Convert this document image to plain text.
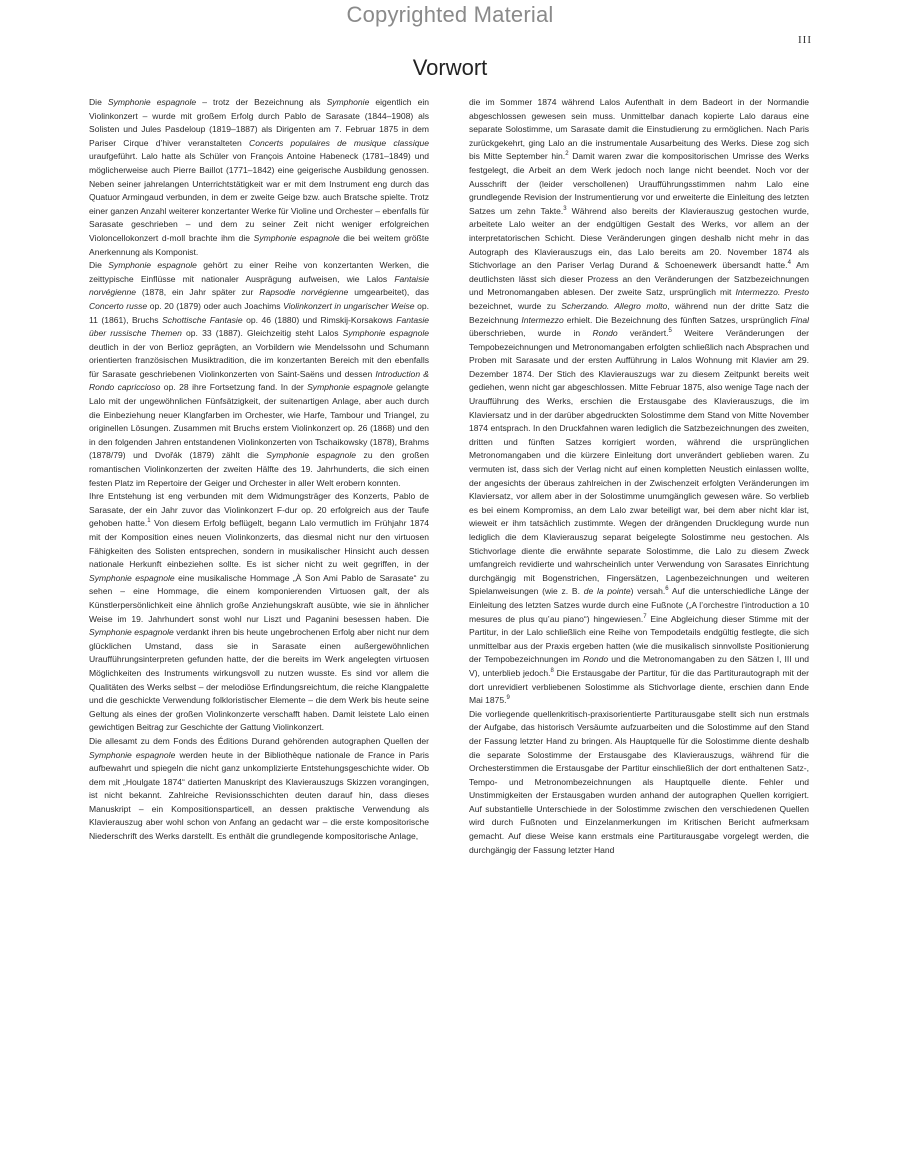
Copyrighted Material
III
Vorwort

Die Symphonie espagnole – trotz der Bezeichnung als Symphonie eigentlich ein Violinkonzert – wurde mit großem Erfolg durch Pablo de Sarasate (1844–1908) als Solisten und Jules Pasdeloup (1819–1887) als Dirigenten am 7. Februar 1875 in dem Pariser Cirque d’hiver veranstalteten Concerts populaires de musique classique uraufgeführt. Lalo hatte als Schüler von François Antoine Habeneck (1781–1849) und möglicherweise auch Pierre Baillot (1771–1842) eine geigerische Ausbildung genossen. Neben seiner jahrelangen Unterrichtstätigkeit war er mit dem Instrument eng durch das Quatuor Armingaud verbunden, in dem er zweite Geige bzw. auch Bratsche spielte. Trotz einer ganzen Anzahl weiterer konzertanter Werke für Violine und Orchester – ebenfalls für Sarasate geschrieben – und dem zu seiner Zeit nicht weniger erfolgreichen Violoncellokonzert d-moll brachte ihm die Symphonie espagnole die bei weitem größte Anerkennung als Komponist.

Die Symphonie espagnole gehört zu einer Reihe von konzertanten Werken, die zeittypische Einflüsse mit nationaler Ausprägung aufweisen, wie Lalos Fantaisie norvégienne (1878, ein Jahr später zur Rapsodie norvégienne umgearbeitet), das Concerto russe op. 20 (1879) oder auch Joachims Violinkonzert in ungarischer Weise op. 11 (1861), Bruchs Schottische Fantasie op. 46 (1880) und Rimskij-Korsakows Fantasie über russische Themen op. 33 (1887). Gleichzeitig steht Lalos Symphonie espagnole deutlich in der von Berlioz geprägten, an Vorbildern wie Mendelssohn und Schumann orientierten französischen Musiktradition, die im konzertanten Bereich mit den ebenfalls für Sarasate geschriebenen Violinkonzerten von Saint-Saëns und dessen Introduction & Rondo capriccioso op. 28 ihre Fortsetzung fand. In der Symphonie espagnole gelangte Lalo mit der ungewöhnlichen Fünfsätzigkeit, der suitenartigen Anlage, aber auch durch die Einbeziehung neuer Klangfarben im Orchester, wie Harfe, Tambour und Triangel, zu originellen Lösungen. Zusammen mit Bruchs erstem Violinkonzert op. 26 (1868) und den in den folgenden Jahren entstandenen Violinkonzerten von Tschaikowsky (1878), Brahms (1878/79) und Dvořák (1879) zählt die Symphonie espagnole zu den großen romantischen Violinkonzerten der zweiten Hälfte des 19. Jahrhunderts, die sich einen festen Platz im Repertoire der Geiger und Orchester in aller Welt erobern konnten.

Ihre Entstehung ist eng verbunden mit dem Widmungsträger des Konzerts, Pablo de Sarasate, der ein Jahr zuvor das Violinkonzert F-dur op. 20 erfolgreich aus der Taufe gehoben hatte.$^1$ Von diesem Erfolg beflügelt, begann Lalo vermutlich im Frühjahr 1874 mit der Komposition eines neuen Violinkonzerts, das diesmal nicht nur den virtuosen Fähigkeiten des Solisten entsprechen, sondern in musikalischer Hinsicht auch dessen nationale Herkunft einbeziehen sollte. Es ist sicher nicht zu weit gegriffen, in der Symphonie espagnole eine musikalische Hommage „À Son Ami Pablo de Sarasate“ zu sehen – eine Hommage, die einem komponierenden Virtuosen galt, der als Künstlerpersönlichkeit eine ähnlich große Anziehungskraft ausübte, wie sie in ähnlicher Weise im 19. Jahrhundert sonst wohl nur Liszt und Paganini besessen haben. Die Symphonie espagnole verdankt ihren bis heute ungebrochenen Erfolg aber nicht nur dem glücklichen Umstand, dass sie in Sarasate einen außergewöhnlichen Uraufführungsinterpreten gefunden hatte, der die bereits im Werk angelegten virtuosen Möglichkeiten des Instruments wirkungsvoll zu nutzen wusste. Es sind vor allem die Qualitäten des Werks selbst – der melodiöse Erfindungsreichtum, die reiche Klangpalette und die geschickte Verwendung folkloristischer Elemente – die dem Werk bis heute seine Geltung als eines der großen Violinkonzerte verschafft haben. Damit leistete Lalo einen gewichtigen Beitrag zur Geschichte der Gattung Violinkonzert.

Die allesamt zu dem Fonds des Éditions Durand gehörenden autographen Quellen der Symphonie espagnole werden heute in der Bibliothèque nationale de France in Paris aufbewahrt und spiegeln die nicht ganz unkomplizierte Entstehungsgeschichte wider. Ob dem mit „Houlgate 1874“ datierten Manuskript des Klavierauszugs Skizzen vorangingen, ist nicht bekannt. Zahlreiche Revisionsschichten deuten darauf hin, dass dieses Manuskript – ein Kompositionsparticell, an dessen praktische Verwendung als Klavierauszug aber wohl schon von Anfang an gedacht war – die erste kompositorische Niederschrift des Werks darstellt. Es enthält die grundlegende kompositorische Anlage,

die im Sommer 1874 während Lalos Aufenthalt in dem Badeort in der Normandie abgeschlossen gewesen sein muss. Unmittelbar danach kopierte Lalo daraus eine separate Solostimme, um Sarasate damit die Einstudierung zu ermöglichen. Nach Paris zurückgekehrt, ging Lalo an die instrumentale Ausarbeitung des Werks. Diese zog sich bis Mitte September hin.$^2$ Damit waren zwar die kompositorischen Umrisse des Werks festgelegt, die Arbeit an dem Werk jedoch noch lange nicht beendet. Noch vor der Ausschrift der (leider verschollenen) Uraufführungsstimmen nahm Lalo eine grundlegende Revision der Instrumentierung vor und erweiterte die Einleitung des letzten Satzes um zehn Takte.$^3$ Während also bereits der Klavierauszug gestochen wurde, arbeitete Lalo weiter an der endgültigen Gestalt des Werks, vor allem an der interpretatorischen Schicht. Diese Veränderungen gingen deshalb nicht mehr in das Autograph des Klavierauszugs ein, das Lalo bereits am 20. November 1874 als Stichvorlage an den Pariser Verlag Durand & Schoenewerk übersandt hatte.$^4$ Am deutlichsten lässt sich dieser Prozess an den Veränderungen der Satzbezeichnungen und Metronomangaben ablesen. Der zweite Satz, ursprünglich mit Intermezzo. Presto bezeichnet, wurde zu Scherzando. Allegro molto, während nun der dritte Satz die Bezeichnung Intermezzo erhielt. Die Bezeichnung des fünften Satzes, ursprünglich Final überschrieben, wurde in Rondo verändert.$^5$ Weitere Veränderungen der Tempobezeichnungen und Metronomangaben erfolgten schließlich nach Absprachen und Proben mit Sarasate und der ersten Aufführung in Lalos Wohnung mit Klavier am 29. Dezember 1874. Der Stich des Klavierauszugs war zu diesem Zeitpunkt bereits weit gediehen, wenn nicht gar abgeschlossen. Mitte Februar 1875, also wenige Tage nach der Uraufführung des Werks, erschien die Erstausgabe des Klavierauszugs, die im Klaviersatz und in der darüber abgedruckten Solostimme dem Stand von Mitte November 1874 entsprach. In den Druckfahnen waren lediglich die Satzbezeichnungen des zweiten, dritten und fünften Satzes korrigiert worden, während die ursprünglichen Metronomangaben und die kürzere Einleitung dort unverändert geblieben waren. Zu vermuten ist, dass sich der Verlag nicht auf einen kompletten Neustich einlassen wollte, der angesichts der überaus zahlreichen in der Zwischenzeit erfolgten Veränderungen im Klaviersatz, vor allem aber in der Solostimme unumgänglich gewesen wäre. So verblieb es bei einem Kompromiss, an dem Lalo zwar beteiligt war, bei dem aber nicht klar ist, wieweit er ihm tatsächlich zustimmte. Wegen der drängenden Drucklegung wurde nun lediglich die dem Klavierauszug separat beigelegte Solostimme neu gestochen. Als Stichvorlage diente die erwähnte separate Solostimme, die Lalo zu diesem Zweck umfangreich revidierte und wahrscheinlich unter Verwendung von Sarasates Einrichtung durchgängig mit Bogenstrichen, Fingersätzen, Lagenbezeichnungen und weiteren Spielanweisungen (wie z. B. de la pointe) versah.$^6$ Auf die unterschiedliche Länge der Einleitung des letzten Satzes wurde durch eine Fußnote („A l’orchestre l’introduction a 10 mesures de plus qu’au piano“) hingewiesen.$^7$ Eine Abgleichung dieser Stimme mit der Partitur, in der Lalo schließlich eine Reihe von Tempodetails endgültig festlegte, die sich unmittelbar aus der Praxis ergeben hatten (wie die musikalisch sinnvollste Positionierung der Tempobezeichnungen im Rondo und die Metronomangaben zu den Sätzen I, III und V), unterblieb jedoch.$^8$ Die Erstausgabe der Partitur, für die das Partiturautograph mit der dort unrevidiert verbliebenen Solostimme als Stichvorlage diente, erschien dann Ende Mai 1875.$^9$

Die vorliegende quellenkritisch-praxisorientierte Partiturausgabe stellt sich nun erstmals der Aufgabe, das historisch Versäumte aufzuarbeiten und die Solostimme auf den Stand der Fassung letzter Hand zu bringen. Als Hauptquelle für die Solostimme diente deshalb die separate Solostimme der Erstausgabe des Klavierauszugs, während für die Orchesterstimmen die Erstausgabe der Partitur einschließlich der dort enthaltenen Satz-, Tempo- und Metronombezeichnungen als Hauptquelle diente. Fehler und Unstimmigkeiten der Erstausgaben wurden anhand der autographen Quellen korrigiert. Auf substantielle Unterschiede in der Solostimme zwischen den verschiedenen Quellen wird durch Fußnoten und Einzelanmerkungen im Kritischen Bericht aufmerksam gemacht. Auf diese Weise kann erstmals eine Partiturausgabe vorgelegt werden, die durchgängig der Fassung letzter Hand
